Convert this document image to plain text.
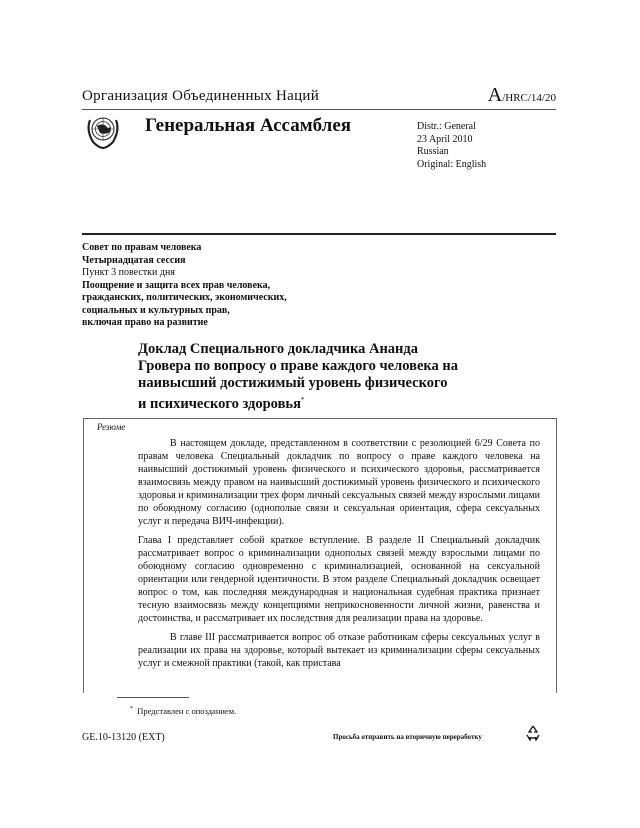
Организация Объединенных Наций	A/HRC/14/20
Генеральная Ассамблея	Distr.: General
23 April 2010
Russian
Original: English
Совет по правам человека
Четырнадцатая сессия
Пункт 3 повестки дня
Поощрение и защита всех прав человека,
гражданских, политических, экономических,
социальных и культурных прав,
включая право на развитие
Доклад Специального докладчика Ананда Гровера по вопросу о праве каждого человека на наивысший достижимый уровень физического и психического здоровья*
Резюме

В настоящем докладе, представленном в соответствии с резолюцией 6/29 Совета по правам человека Специальный докладчик по вопросу о праве каждого человека на наивысший достижимый уровень физического и психического здоровья, рассматривается взаимосвязь между правом на наивысший достижимый уровень физического и психического здоровья и криминализации трех форм личный сексуальных связей между взрослыми лицами по обоюдному согласию (однополые связи и сексуальная ориентация, сфера сексуальных услуг и передача ВИЧ-инфекции).

Глава I представляет собой краткое вступление. В разделе II Специальный докладчик рассматривает вопрос о криминализации однополых связей между взрослыми лицами по обоюдному согласию одновременно с криминализацией, основанной на сексуальной ориентации или гендерной идентичности. В этом разделе Специальный докладчик освещает вопрос о том, как последняя международная и национальная судебная практика признает тесную взаимосвязь между концепциями неприкосновенности личной жизни, равенства и достоинства, и рассматривает их последствия для реализации права на здоровье.

В главе III рассматривается вопрос об отказе работникам сферы сексуальных услуг в реализации их права на здоровье, который вытекает из криминализации сферы сексуальных услуг и смежной практики (такой, как пристава

* Представлен с опозданием.
GE.10-13120 (EXT)	Просьба отправить на вторичную переработку
